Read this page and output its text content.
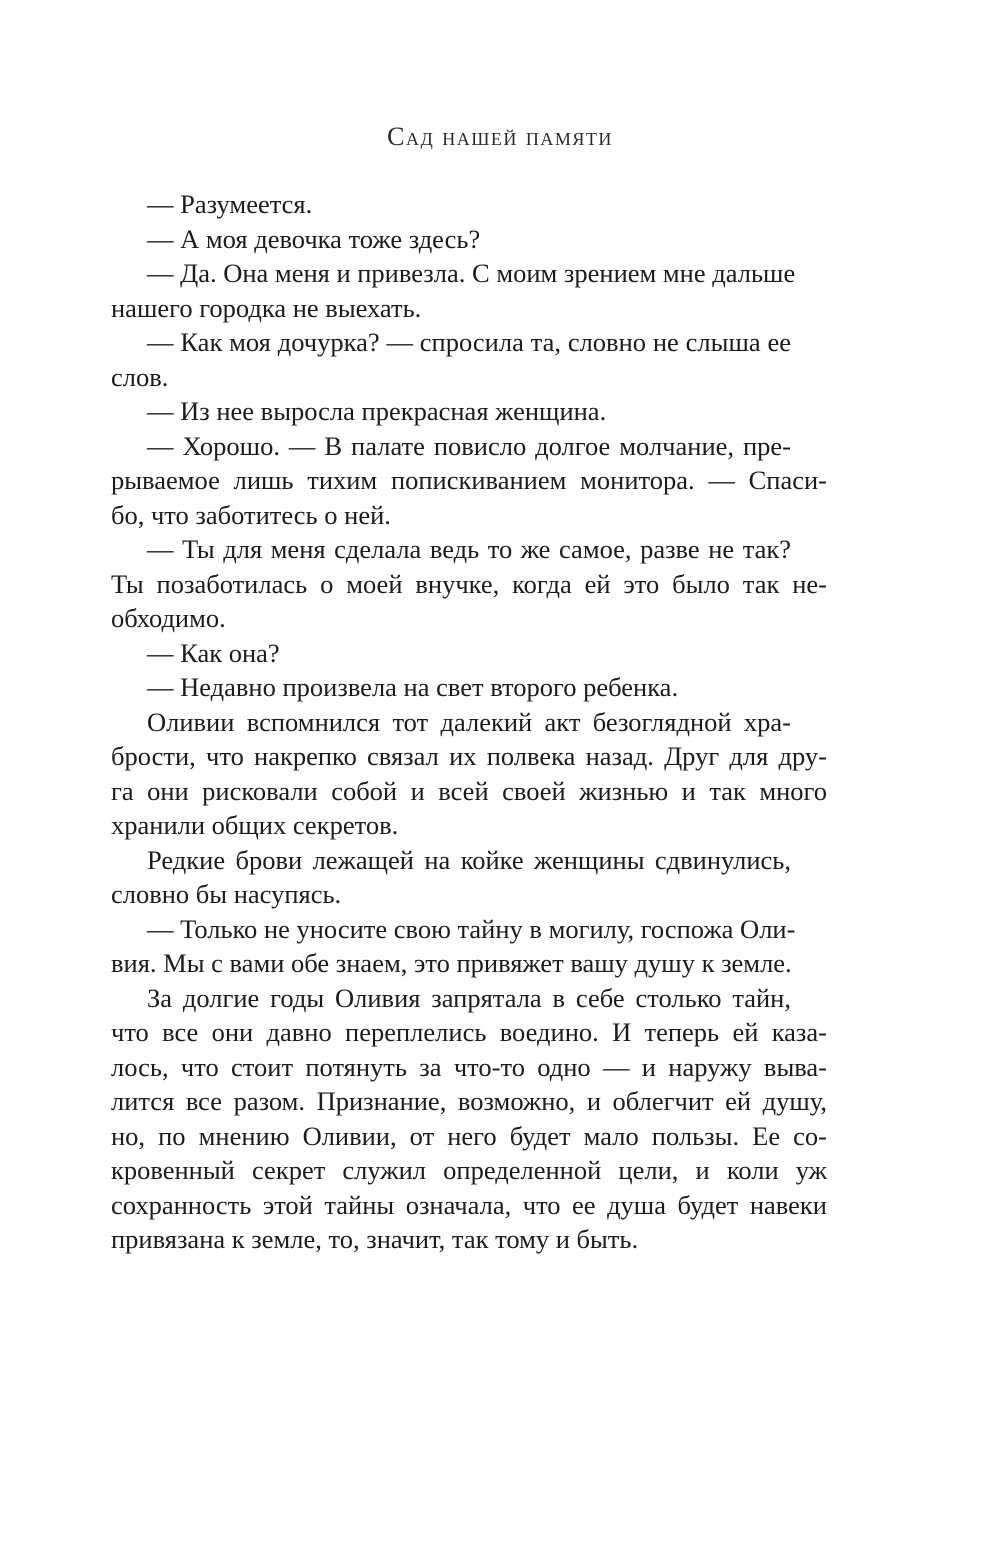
Сад нашей памяти
— Разумеется.
— А моя девочка тоже здесь?
— Да. Она меня и привезла. С моим зрением мне дальше
нашего городка не выехать.
— Как моя дочурка? — спросила та, словно не слыша ее
слов.
— Из нее выросла прекрасная женщина.
— Хорошо. — В палате повисло долгое молчание, пре-
рываемое лишь тихим попискиванием монитора. — Спаси-
бо, что заботитесь о ней.
— Ты для меня сделала ведь то же самое, разве не так?
Ты позаботилась о моей внучке, когда ей это было так не-
обходимо.
— Как она?
— Недавно произвела на свет второго ребенка.
Оливии вспомнился тот далекий акт безоглядной хра-
брости, что накрепко связал их полвека назад. Друг для дру-
га они рисковали собой и всей своей жизнью и так много
хранили общих секретов.
Редкие брови лежащей на койке женщины сдвинулись,
словно бы насупясь.
— Только не уносите свою тайну в могилу, госпожа Оли-
вия. Мы с вами обе знаем, это привяжет вашу душу к земле.
За долгие годы Оливия запрятала в себе столько тайн,
что все они давно переплелись воедино. И теперь ей каза-
лось, что стоит потянуть за что-то одно — и наружу выва-
лится все разом. Признание, возможно, и облегчит ей душу,
но, по мнению Оливии, от него будет мало пользы. Ее со-
кровенный секрет служил определенной цели, и коли уж
сохранность этой тайны означала, что ее душа будет навеки
привязана к земле, то, значит, так тому и быть.
